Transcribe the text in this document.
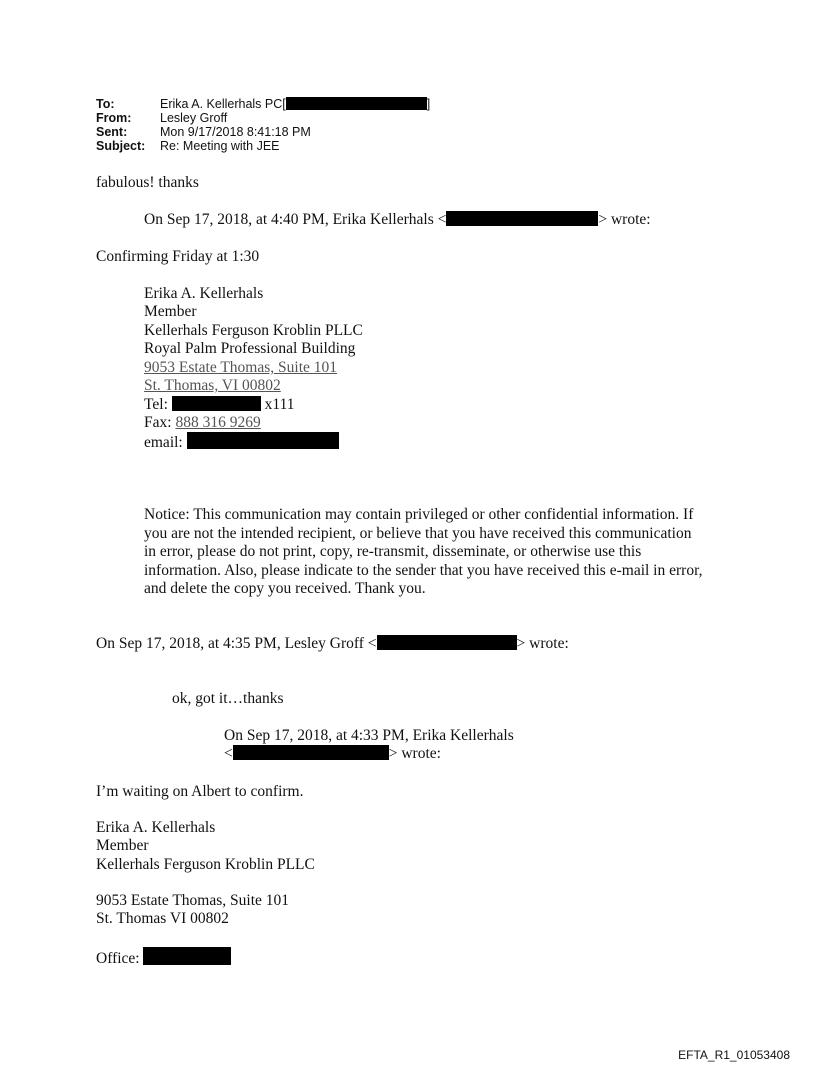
To:	Erika A. Kellerhals PC[	]
From: Lesley Groff
Sent:	Mon 9/17/2018 8:41:18 PM
Subject: Re: Meeting with JEE
fabulous! thanks
On Sep 17, 2018, at 4:40 PM, Erika Kellerhals <	> wrote:
Confirming Friday at 1:30
Erika A. Kellerhals
Member
Kellerhals Ferguson Kroblin PLLC
Royal Palm Professional Building
9053 Estate Thomas, Suite 101
St. Thomas, VI 00802
Tel:	x111
Fax: 888 316 9269
email:
Notice: This communication may contain privileged or other confidential information. If you are not the intended recipient, or believe that you have received this communication in error, please do not print, copy, re-transmit, disseminate, or otherwise use this information. Also, please indicate to the sender that you have received this e-mail in error, and delete the copy you received. Thank you.
On Sep 17, 2018, at 4:35 PM, Lesley Groff <	> wrote:
ok, got it…thanks
On Sep 17, 2018, at 4:33 PM, Erika Kellerhals
<	> wrote:
I’m waiting on Albert to confirm.
Erika A. Kellerhals
Member
Kellerhals Ferguson Kroblin PLLC
9053 Estate Thomas, Suite 101
St. Thomas VI 00802
Office:
EFTA_R1_01053408
